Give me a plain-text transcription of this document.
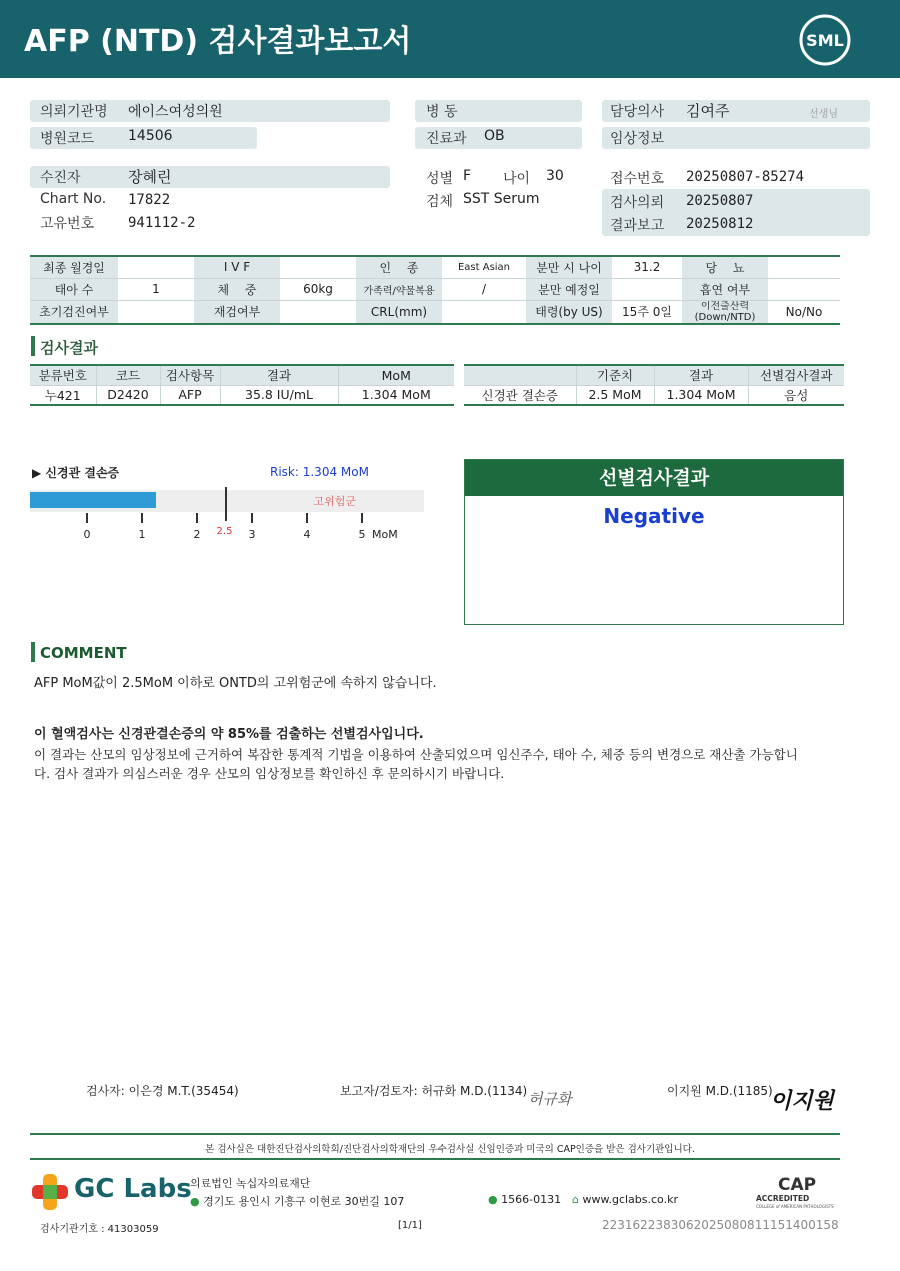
AFP (NTD) 검사결과보고서	SML
의뢰기관명 에이스여성의원
병원코드 14506
병 동
진료과 OB
담당의사 김여주	선생님
임상정보
수진자	장혜린
Chart No. 17822
고유번호 941112-2
성별 F 나이 30
검체 SST Serum
접수번호 20250807-85274
검사의뢰 20250807
결과보고 20250812
최종 월경일		I V F		인　 종	East Asian	분만 시 나이	31.2	당　 뇨	
태아 수	1	체　 중	60kg	가족력/약물복용	/	분만 예정일		흡연 여부	
초기검진여부		재검여부		CRL(mm)		태령(by US)	15주 0일	이전출산력 (Down/NTD)	No/No
검사결과
분류번호	코드	검사항목	결과	MoM
누421	D2420	AFP	35.8 IU/mL	1.304 MoM
	기준치	결과	선별검사결과
신경관 결손증	2.5 MoM	1.304 MoM	음성
▶ 신경관 결손증	Risk: 1.304 MoM
고위험군
0	1	2	2.5	3	4	5 MoM
선별검사결과
Negative
COMMENT
AFP MoM값이 2.5MoM 이하로 ONTD의 고위험군에 속하지 않습니다.
이 혈액검사는 신경관결손증의 약 85%를 검출하는 선별검사입니다.
이 결과는 산모의 임상정보에 근거하여 복잡한 통계적 기법을 이용하여 산출되었으며 임신주수, 태아 수, 체중 등의 변경으로 재산출 가능합니
다. 검사 결과가 의심스러운 경우 산모의 임상정보를 확인하신 후 문의하시기 바랍니다.
검사자: 이은경 M.T.(35454)	보고자/검토자: 허규화 M.D.(1134) 허규화	이지원 M.D.(1185)
이지원
본 검사실은 대한진단검사의학회/진단검사의학재단의 우수검사실 신임인증과 미국의 CAP인증을 받은 검사기관입니다.
GC Labs
의료법인 녹십자의료재단
● 경기도 용인시 기흥구 이현로 30번길 107	● 1566-0131 ⌂ www.gclabs.co.kr
CAP
ACCREDITED
COLLEGE of AMERICAN PATHOLOGISTS
검사기관기호 : 41303059	[1/1]	22316223830620250808111514001​58
